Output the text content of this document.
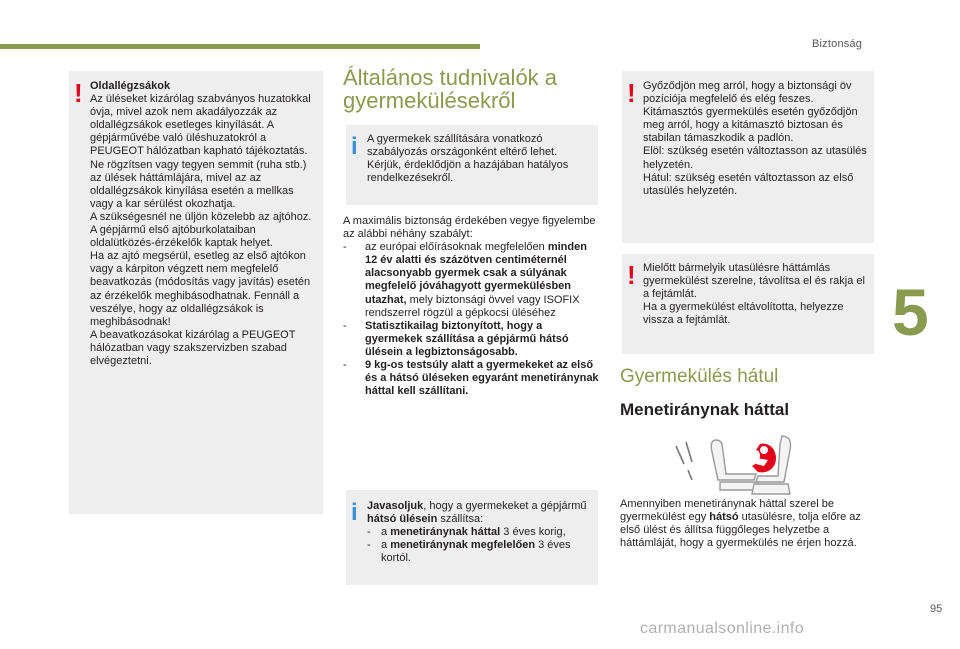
Biztonság
5
! Oldallégzsákok

Az üléseket kizárólag szabványos huzatokkal óvja, mivel azok nem akadályozzák az oldallégzsákok esetleges kinyílását. A gépjárművébe való üléshuzatokról a PEUGEOT hálózatban kapható tájékoztatás.

Ne rögzítsen vagy tegyen semmit (ruha stb.) az ülések háttámlájára, mivel az az oldallégzsákok kinyílása esetén a mellkas vagy a kar sérülést okozhatja.

A szükségesnél ne üljön közelebb az ajtóhoz.

A gépjármű első ajtóburkolataiban oldalütközés-érzékelők kaptak helyet.

Ha az ajtó megsérül, esetleg az első ajtókon vagy a kárpiton végzett nem megfelelő beavatkozás (módosítás vagy javítás) esetén az érzékelők meghibásodhatnak. Fennáll a veszélye, hogy az oldallégzsákok is meghibásodnak!

A beavatkozásokat kizárólag a PEUGEOT hálózatban vagy szakszervizben szabad elvégeztetni.

Általános tudnivalók a
gyermekülésekről
i A gyermekek szállítására vonatkozó szabályozás országonként eltérő lehet. Kérjük, érdeklődjön a hazájában hatályos rendelkezésekről.

A maximális biztonság érdekében vegye figyelembe az alábbi néhány szabályt:

- az európai előírásoknak megfelelően minden 12 év alatti és százötven centiméternél alacsonyabb gyermek csak a súlyának megfelelő jóváhagyott gyermekülésben utazhat, mely biztonsági övvel vagy ISOFIX rendszerrel rögzül a gépkocsi üléséhez
- Statisztikailag biztonyított, hogy a gyermekek szállítása a gépjármű hátsó ülésein a legbiztonságosabb.
- 9 kg-os testsúly alatt a gyermekeket az első és a hátsó üléseken egyaránt menetiránynak háttal kell szállítani.
i Javasoljuk, hogy a gyermekeket a gépjármű hátsó ülésein szállítsa:

- a menetiránynak háttal 3 éves korig,
- a menetiránynak megfelelően 3 éves kortól.
! Győződjön meg arról, hogy a biztonsági öv pozíciója megfelelő és elég feszes. Kitámasztós gyermekülés esetén győződjön meg arról, hogy a kitámasztó biztosan és stabilan támaszkodik a padlón.

Elöl: szükség esetén változtasson az utasülés helyzetén.

Hátul: szükség esetén változtasson az első utasülés helyzetén.

! Mielőtt bármelyik utasülésre háttámlás gyermekülést szerelne, távolítsa el és rakja el a fejtámlát.

Ha a gyermekülést eltávolította, helyezze vissza a fejtámlát.

Gyermekülés hátul
Menetiránynak háttal

Amennyiben menetiránynak háttal szerel be gyermekülést egy hátsó utasülésre, tolja előre az első ülést és állítsa függőleges helyzetbe a háttámláját, hogy a gyermekülés ne érjen hozzá.

95
carmanualsonline.info
